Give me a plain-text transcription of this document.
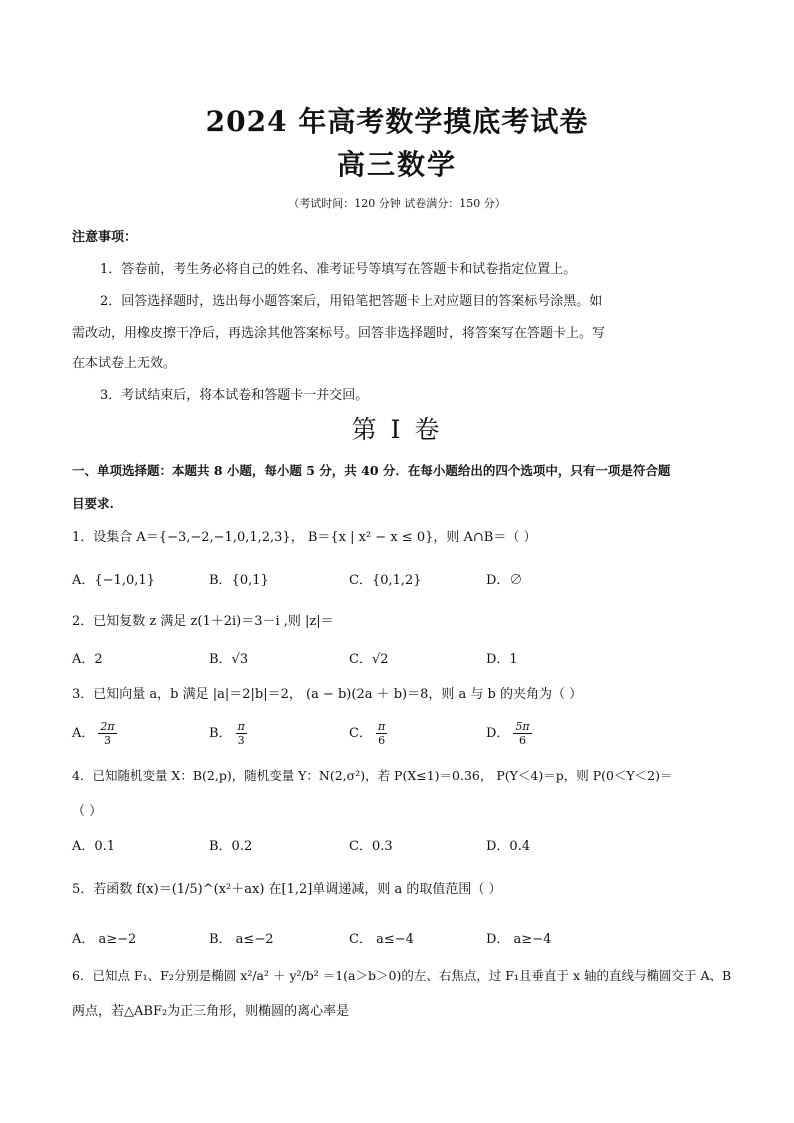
2024 年高考数学摸底考试卷
高三数学
（考试时间：120 分钟 试卷满分：150 分）
注意事项：
1．答卷前，考生务必将自己的姓名、准考证号等填写在答题卡和试卷指定位置上。
2．回答选择题时，选出每小题答案后，用铅笔把答题卡上对应题目的答案标号涂黑。如
需改动，用橡皮擦干净后，再选涂其他答案标号。回答非选择题时，将答案写在答题卡上。写
在本试卷上无效。
3．考试结束后，将本试卷和答题卡一并交回。
第 I 卷
一、单项选择题：本题共 8 小题，每小题 5 分，共 40 分．在每小题给出的四个选项中，只有一项是符合题
目要求.
1．设集合 A＝{−3,−2,−1,0,1,2,3}， B＝{x | x² − x ≤ 0}，则 A∩B＝（ ）
A．{−1,0,1}	B．{0,1}	C．{0,1,2}	D．∅
2．已知复数 z 满足 z(1＋2i)＝3－i ,则 |z|＝
A．2	B．√3	C．√2	D．1
3．已知向量 a，b 满足 |a|＝2|b|＝2， (a − b)(2a ＋ b)＝8，则 a 与 b 的夹角为（ ）
A． $\frac{2\pi}{3}$	B． $\frac{\pi}{3}$	C． $\frac{\pi}{6}$	D． $\frac{5\pi}{6}$
4．已知随机变量 X：B(2,p)，随机变量 Y：N(2,σ²)，若 P(X≤1)＝0.36， P(Y＜4)＝p，则 P(0＜Y＜2)＝
（ ）
A．0.1	B．0.2	C．0.3	D．0.4
5．若函数 f(x)＝(1/5)^(x²＋ax) 在[1,2]单调递减，则 a 的取值范围（ ）
A． a≥−2	B． a≤−2	C． a≤−4	D． a≥−4
6．已知点 F₁、F₂分别是椭圆 x²/a² ＋ y²/b² ＝1(a＞b＞0)的左、右焦点，过 F₁且垂直于 x 轴的直线与椭圆交于 A、B
两点，若△ABF₂为正三角形，则椭圆的离心率是
